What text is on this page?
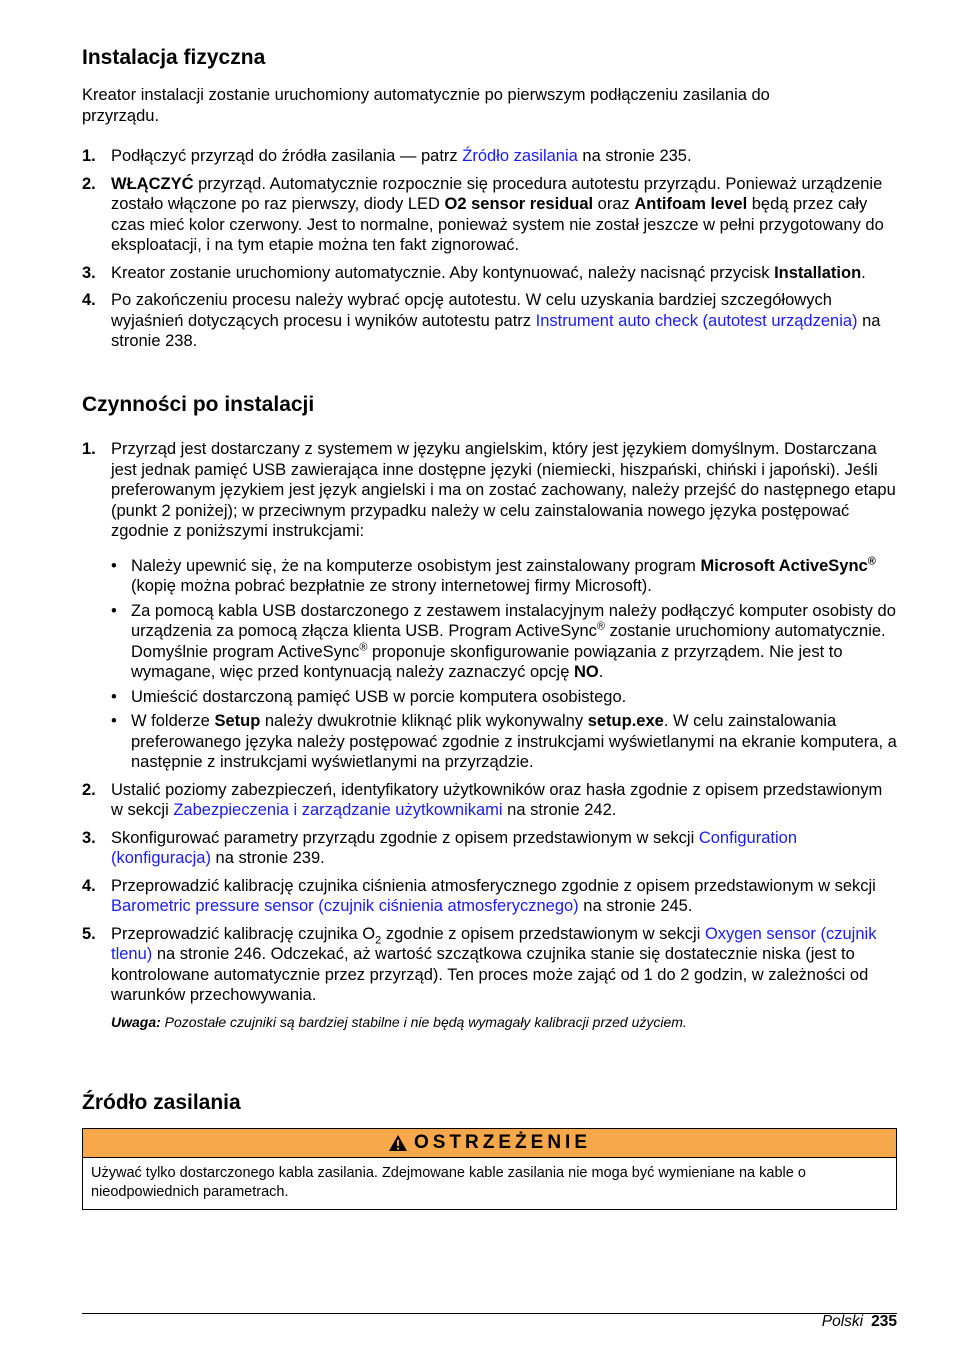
Instalacja fizyczna

Kreator instalacji zostanie uruchomiony automatycznie po pierwszym podłączeniu zasilania do przyrządu.

1. Podłączyć przyrząd do źródła zasilania — patrz Źródło zasilania na stronie 235.
2. WŁĄCZYĆ przyrząd. Automatycznie rozpocznie się procedura autotestu przyrządu. Ponieważ urządzenie zostało włączone po raz pierwszy, diody LED O2 sensor residual oraz Antifoam level będą przez cały czas mieć kolor czerwony. Jest to normalne, ponieważ system nie został jeszcze w pełni przygotowany do eksploatacji, i na tym etapie można ten fakt zignorować.
3. Kreator zostanie uruchomiony automatycznie. Aby kontynuować, należy nacisnąć przycisk Installation.
4. Po zakończeniu procesu należy wybrać opcję autotestu. W celu uzyskania bardziej szczegółowych wyjaśnień dotyczących procesu i wyników autotestu patrz Instrument auto check (autotest urządzenia) na stronie 238.
Czynności po instalacji
1. Przyrząd jest dostarczany z systemem w języku angielskim, który jest językiem domyślnym. Dostarczana jest jednak pamięć USB zawierająca inne dostępne języki (niemiecki, hiszpański, chiński i japoński). Jeśli preferowanym językiem jest język angielski i ma on zostać zachowany, należy przejść do następnego etapu (punkt 2 poniżej); w przeciwnym przypadku należy w celu zainstalowania nowego języka postępować zgodnie z poniższymi instrukcjami:
• Należy upewnić się, że na komputerze osobistym jest zainstalowany program Microsoft ActiveSync® (kopię można pobrać bezpłatnie ze strony internetowej firmy Microsoft).
• Za pomocą kabla USB dostarczonego z zestawem instalacyjnym należy podłączyć komputer osobisty do urządzenia za pomocą złącza klienta USB. Program ActiveSync® zostanie uruchomiony automatycznie. Domyślnie program ActiveSync® proponuje skonfigurowanie powiązania z przyrządem. Nie jest to wymagane, więc przed kontynuacją należy zaznaczyć opcję NO.
• Umieścić dostarczoną pamięć USB w porcie komputera osobistego.
• W folderze Setup należy dwukrotnie kliknąć plik wykonywalny setup.exe. W celu zainstalowania preferowanego języka należy postępować zgodnie z instrukcjami wyświetlanymi na ekranie komputera, a następnie z instrukcjami wyświetlanymi na przyrządzie.
2. Ustalić poziomy zabezpieczeń, identyfikatory użytkowników oraz hasła zgodnie z opisem przedstawionym w sekcji Zabezpieczenia i zarządzanie użytkownikami na stronie 242.
3. Skonfigurować parametry przyrządu zgodnie z opisem przedstawionym w sekcji Configuration (konfiguracja) na stronie 239.
4. Przeprowadzić kalibrację czujnika ciśnienia atmosferycznego zgodnie z opisem przedstawionym w sekcji Barometric pressure sensor (czujnik ciśnienia atmosferycznego) na stronie 245.
5. Przeprowadzić kalibrację czujnika $O_2$ zgodnie z opisem przedstawionym w sekcji Oxygen sensor (czujnik tlenu) na stronie 246. Odczekać, aż wartość szczątkowa czujnika stanie się dostatecznie niska (jest to kontrolowane automatycznie przez przyrząd). Ten proces może zająć od 1 do 2 godzin, w zależności od warunków przechowywania.
Uwaga: Pozostałe czujniki są bardziej stabilne i nie będą wymagały kalibracji przed użyciem.
Źródło zasilania
OSTRZEŻENIE
Używać tylko dostarczonego kabla zasilania. Zdejmowane kable zasilania nie moga być wymieniane na kable o nieodpowiednich parametrach.
Polski 235
